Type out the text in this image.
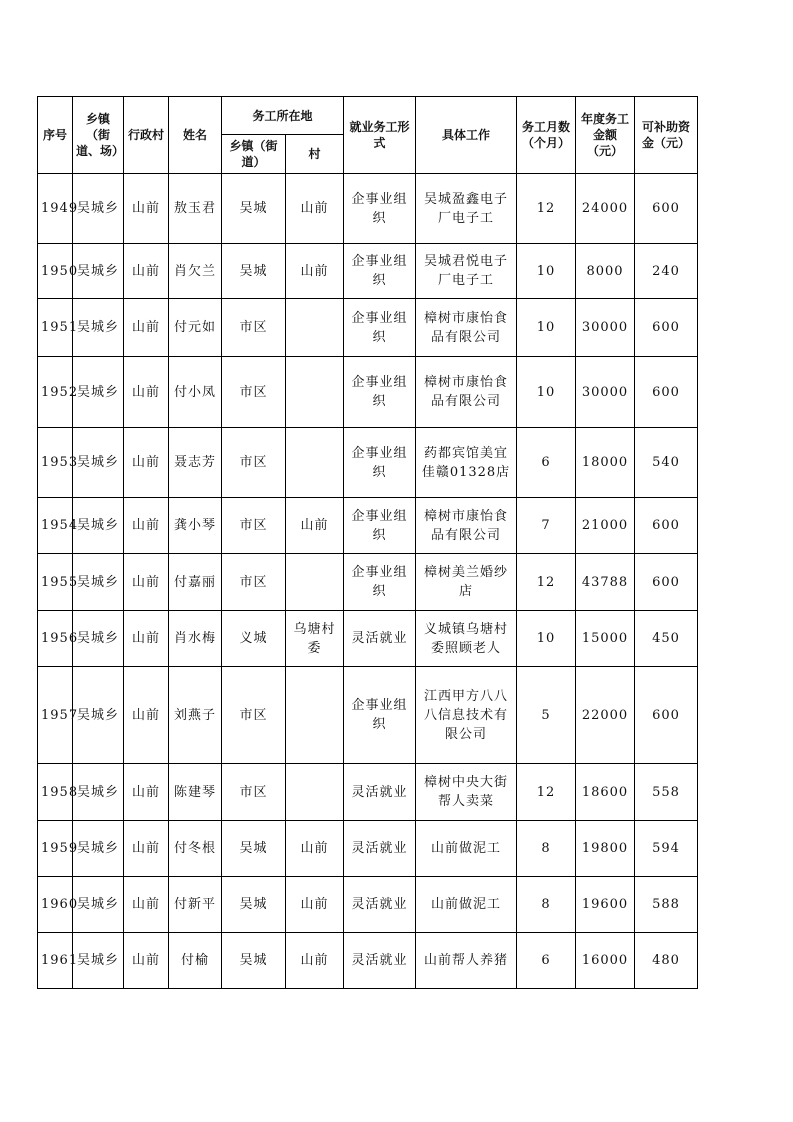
序号	乡镇（街道、场）	行政村	姓名	务工所在地		就业务工形式	具体工作	务工月数（个月）	年度务工金额（元）	可补助资金（元）
				乡镇（街道）	村					
1949	吴城乡	山前	敖玉君	吴城	山前	企事业组织	吴城盈鑫电子厂电子工	12	24000	600
1950	吴城乡	山前	肖欠兰	吴城	山前	企事业组织	吴城君悦电子厂电子工	10	8000	240
1951	吴城乡	山前	付元如	市区		企事业组织	樟树市康怡食品有限公司	10	30000	600
1952	吴城乡	山前	付小凤	市区		企事业组织	樟树市康怡食品有限公司	10	30000	600
1953	吴城乡	山前	聂志芳	市区		企事业组织	药都宾馆美宜佳赣01328店	6	18000	540
1954	吴城乡	山前	龚小琴	市区	山前	企事业组织	樟树市康怡食品有限公司	7	21000	600
1955	吴城乡	山前	付嘉丽	市区		企事业组织	樟树美兰婚纱店	12	43788	600
1956	吴城乡	山前	肖水梅	义城	乌塘村委	灵活就业	义城镇乌塘村委照顾老人	10	15000	450
1957	吴城乡	山前	刘燕子	市区		企事业组织	江西甲方八八八信息技术有限公司	5	22000	600
1958	吴城乡	山前	陈建琴	市区		灵活就业	樟树中央大街帮人卖菜	12	18600	558
1959	吴城乡	山前	付冬根	吴城	山前	灵活就业	山前做泥工	8	19800	594
1960	吴城乡	山前	付新平	吴城	山前	灵活就业	山前做泥工	8	19600	588
1961	吴城乡	山前	付榆	吴城	山前	灵活就业	山前帮人养猪	6	16000	480
